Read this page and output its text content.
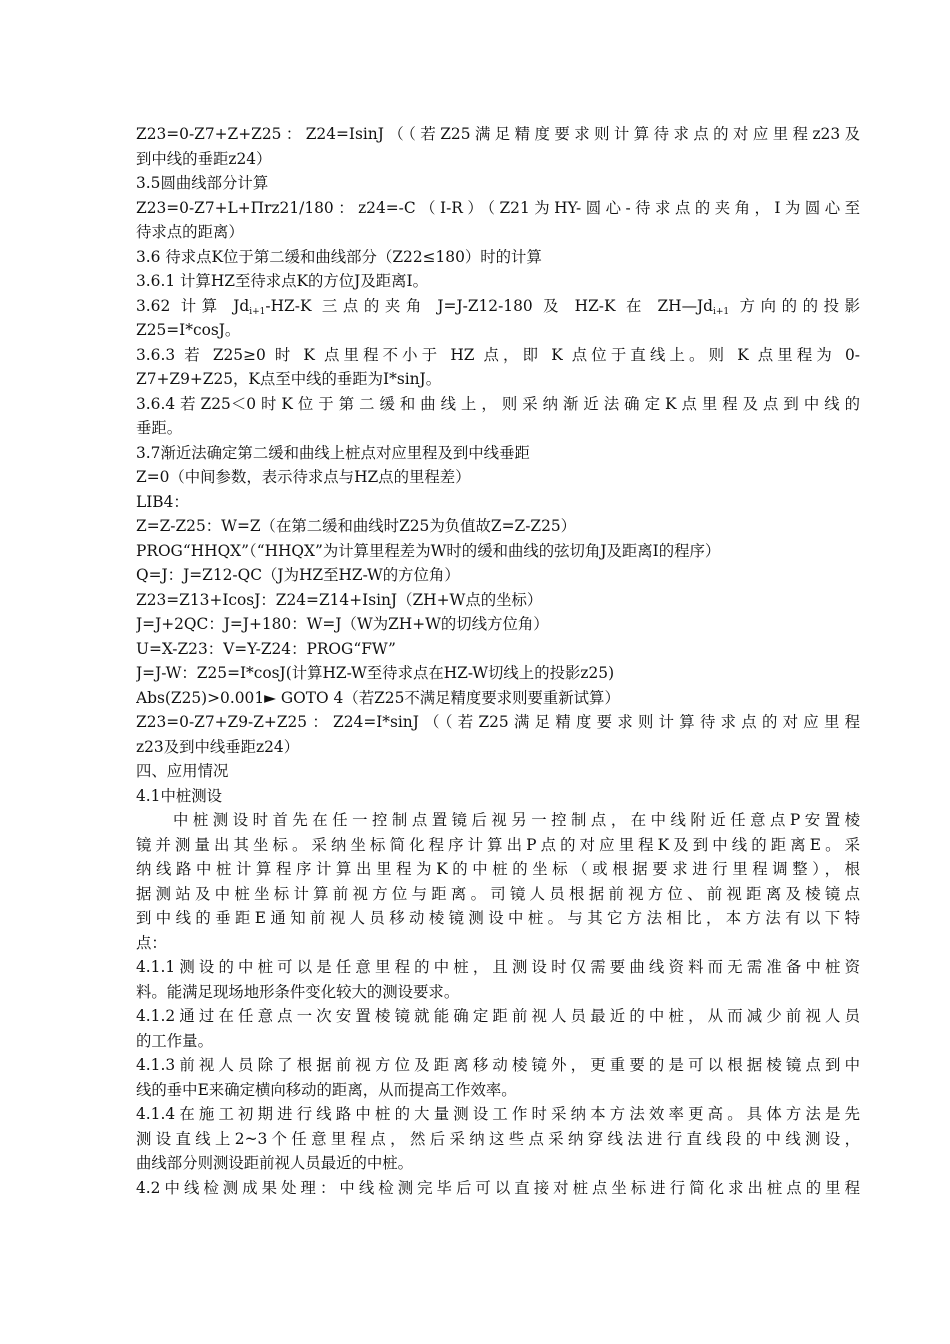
Z23=0-Z7+Z+Z25：Z24=IsinJ（（若Z25满足精度要求则计算待求点的对应里程z23及
到中线的垂距z24）
3.5圆曲线部分计算
Z23=0-Z7+L+Πrz21/180：z24=-C（I-R）（Z21为HY-圆心-待求点的夹角，I为圆心至
待求点的距离）
3.6 待求点K位于第二缓和曲线部分（Z22≤180）时的计算
3.6.1 计算HZ至待求点K的方位J及距离I。
3.62 计算 $Jd_{i+1}-HZ-K$ 三点的夹角 J=J-Z12-180 及 HZ-K 在 $ZH—Jd_{i+1}$ 方向的的投影
Z25=I*cosJ。
3.6.3 若 Z25≥0 时 K 点里程不小于 HZ 点，即 K 点位于直线上。则 K 点里程为 0-
Z7+Z9+Z25，K点至中线的垂距为I*sinJ。
3.6.4若Z25＜0时K位于第二缓和曲线上，则采纳渐近法确定K点里程及点到中线的
垂距。
3.7渐近法确定第二缓和曲线上桩点对应里程及到中线垂距
Z=0（中间参数，表示待求点与HZ点的里程差）
LIB4：
Z=Z-Z25：W=Z（在第二缓和曲线时Z25为负值故Z=Z-Z25）
PROG“HHQX”（“HHQX”为计算里程差为W时的缓和曲线的弦切角J及距离I的程序）
Q=J：J=Z12-QC（J为HZ至HZ-W的方位角）
Z23=Z13+IcosJ：Z24=Z14+IsinJ（ZH+W点的坐标）
J=J+2QC：J=J+180：W=J（W为ZH+W的切线方位角）
U=X-Z23：V=Y-Z24：PROG“FW”
J=J-W：Z25=I*cosJ(计算HZ-W至待求点在HZ-W切线上的投影z25)
Abs(Z25)>0.001► GOTO 4（若Z25不满足精度要求则要重新试算）
Z23=0-Z7+Z9-Z+Z25：Z24=I*sinJ（（若Z25满足精度要求则计算待求点的对应里程
z23及到中线垂距z24）
四、应用情况
4.1中桩测设
中桩测设时首先在任一控制点置镜后视另一控制点，在中线附近任意点P安置棱
镜并测量出其坐标。采纳坐标简化程序计算出P点的对应里程K及到中线的距离E。采
纳线路中桩计算程序计算出里程为K的中桩的坐标（或根据要求进行里程调整），根
据测站及中桩坐标计算前视方位与距离。司镜人员根据前视方位、前视距离及棱镜点
到中线的垂距E通知前视人员移动棱镜测设中桩。与其它方法相比，本方法有以下特
点：
4.1.1测设的中桩可以是任意里程的中桩，且测设时仅需要曲线资料而无需准备中桩资
料。能满足现场地形条件变化较大的测设要求。
4.1.2通过在任意点一次安置棱镜就能确定距前视人员最近的中桩，从而减少前视人员
的工作量。
4.1.3前视人员除了根据前视方位及距离移动棱镜外，更重要的是可以根据棱镜点到中
线的垂中E来确定横向移动的距离，从而提高工作效率。
4.1.4在施工初期进行线路中桩的大量测设工作时采纳本方法效率更高。具体方法是先
测设直线上2~3个任意里程点，然后采纳这些点采纳穿线法进行直线段的中线测设，
曲线部分则测设距前视人员最近的中桩。
4.2中线检测成果处理：中线检测完毕后可以直接对桩点坐标进行简化求出桩点的里程
